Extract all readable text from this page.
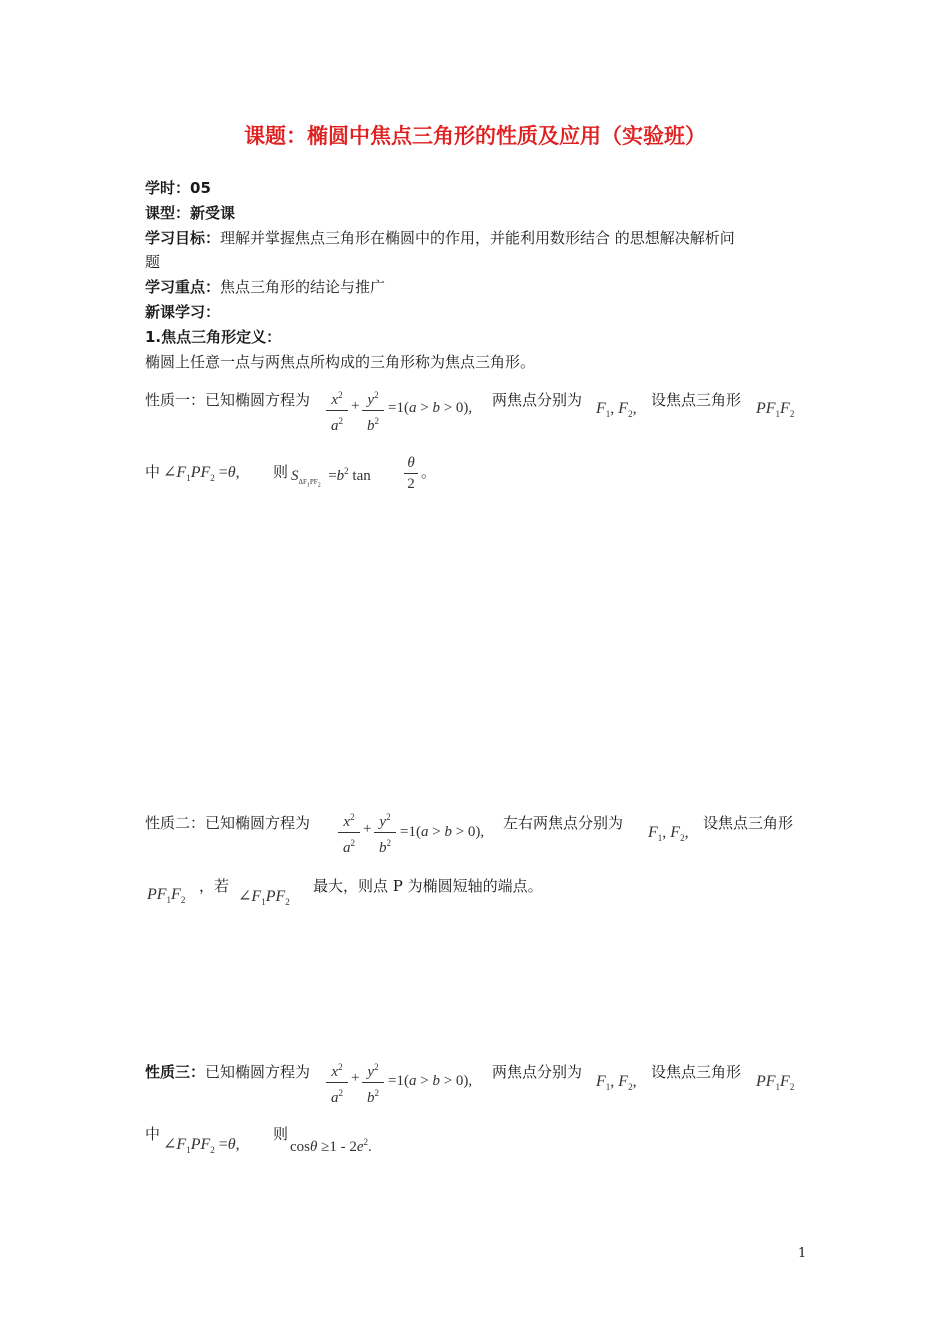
课题：椭圆中焦点三角形的性质及应用（实验班）
学时：05
课型：新受课
学习目标：理解并掌握焦点三角形在椭圆中的作用，并能利用数形结合 的思想解决解析问
题
学习重点：焦点三角形的结论与推广
新课学习：
1.焦点三角形定义：
椭圆上任意一点与两焦点所构成的三角形称为焦点三角形。
性质一：已知椭圆方程为	$x^2$
$a^2$
+ $y^2$
$b^2$
=1(a > b > 0), 两焦点分别为 $F_1$, $F_2$, 设焦点三角形 $PF_1F_2$
中 $\angle F_1PF_2 =\theta$, 则 $S_{\Delta F_1PF_2} =b^2$ tan
θ
2
。
性质二：已知椭圆方程为	$x^2$
$a^2$
+ $y^2$
$b^2$
=1(a > b > 0), 左右两焦点分别为
$F_1$, $F_2$,
设焦点三角形
$PF_1F_2$
，若
$\angle F_1PF_2$
最大，则点 P 为椭圆短轴的端点。
性质三：已知椭圆方程为	$x^2$
$a^2$
+ $y^2$
$b^2$
=1(a > b > 0), 两焦点分别为
$F_1$, $F_2$,
设焦点三角形
$PF_1F_2$
中
$\angle F_1PF_2 =\theta$,
则
$\cos\theta \ge 1 - 2e^2$.
1
